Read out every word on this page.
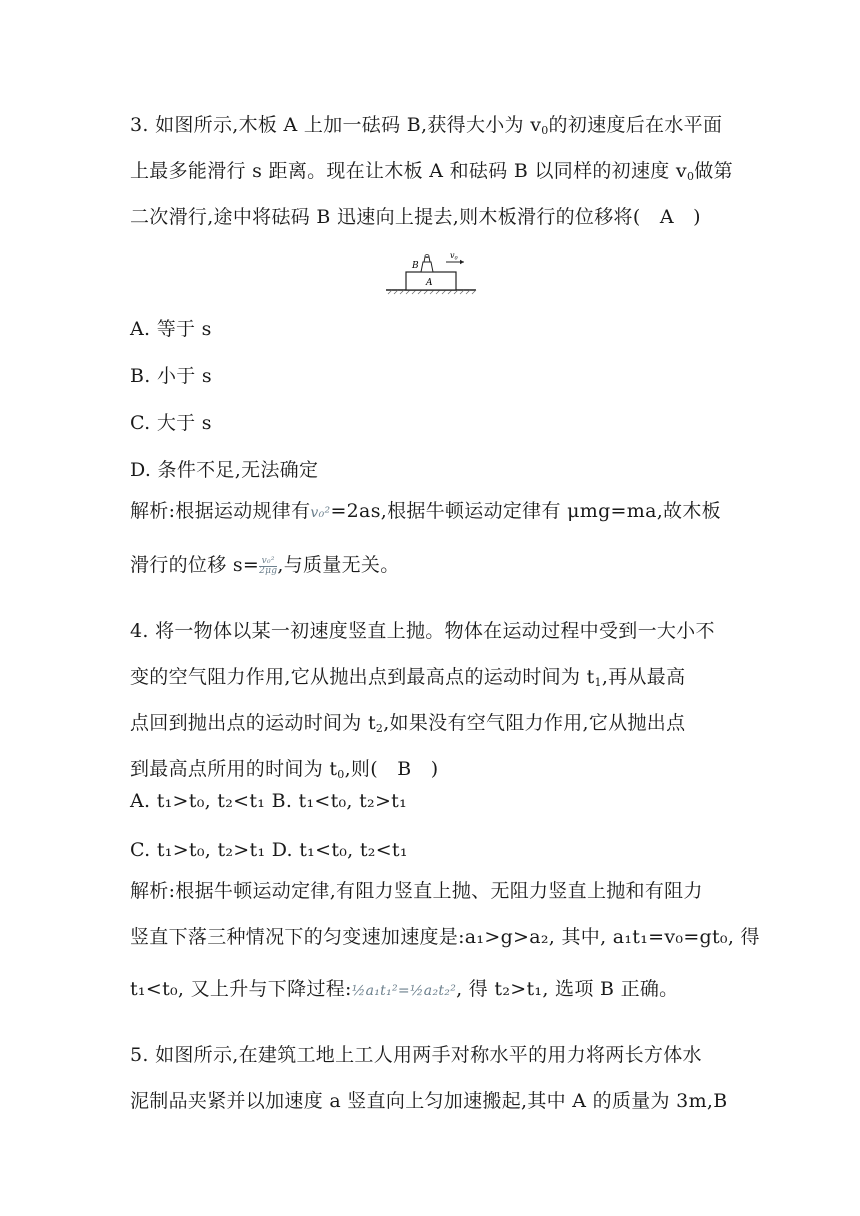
3. 如图所示,木板 A 上加一砝码 B,获得大小为 $v_0$的初速度后在水平面
上最多能滑行 s 距离。现在让木板 A 和砝码 B 以同样的初速度 $v_0$做第
二次滑行,途中将砝码 B 迅速向上提去,则木板滑行的位移将(　A　)
A
B
v0
A. 等于 s
B. 小于 s
C. 大于 s
D. 条件不足,无法确定
解析:根据运动规律有v₀²=2as,根据牛顿运动定律有 μmg=ma,故木板
滑行的位移 $s= \frac{\text{v₀²}}{2\mu g}$ ,与质量无关。
4. 将一物体以某一初速度竖直上抛。物体在运动过程中受到一大小不
变的空气阻力作用,它从抛出点到最高点的运动时间为 $t_1$,再从最高
点回到抛出点的运动时间为 $t_2$,如果没有空气阻力作用,它从抛出点
到最高点所用的时间为 $t_0$,则(　B　)
A. t₁>t₀, t₂<t₁ B. t₁<t₀, t₂>t₁
C. t₁>t₀, t₂>t₁ D. t₁<t₀, t₂<t₁
解析:根据牛顿运动定律,有阻力竖直上抛、无阻力竖直上抛和有阻力
竖直下落三种情况下的匀变速加速度是:a₁>g>a₂, 其中, a₁t₁=v₀=gt₀, 得
t₁<t₀, 又上升与下降过程:½a₁t₁²=½a₂t₂², 得 t₂>t₁, 选项 B 正确。
5. 如图所示,在建筑工地上工人用两手对称水平的用力将两长方体水
泥制品夹紧并以加速度 a 竖直向上匀加速搬起,其中 A 的质量为 3m,B
